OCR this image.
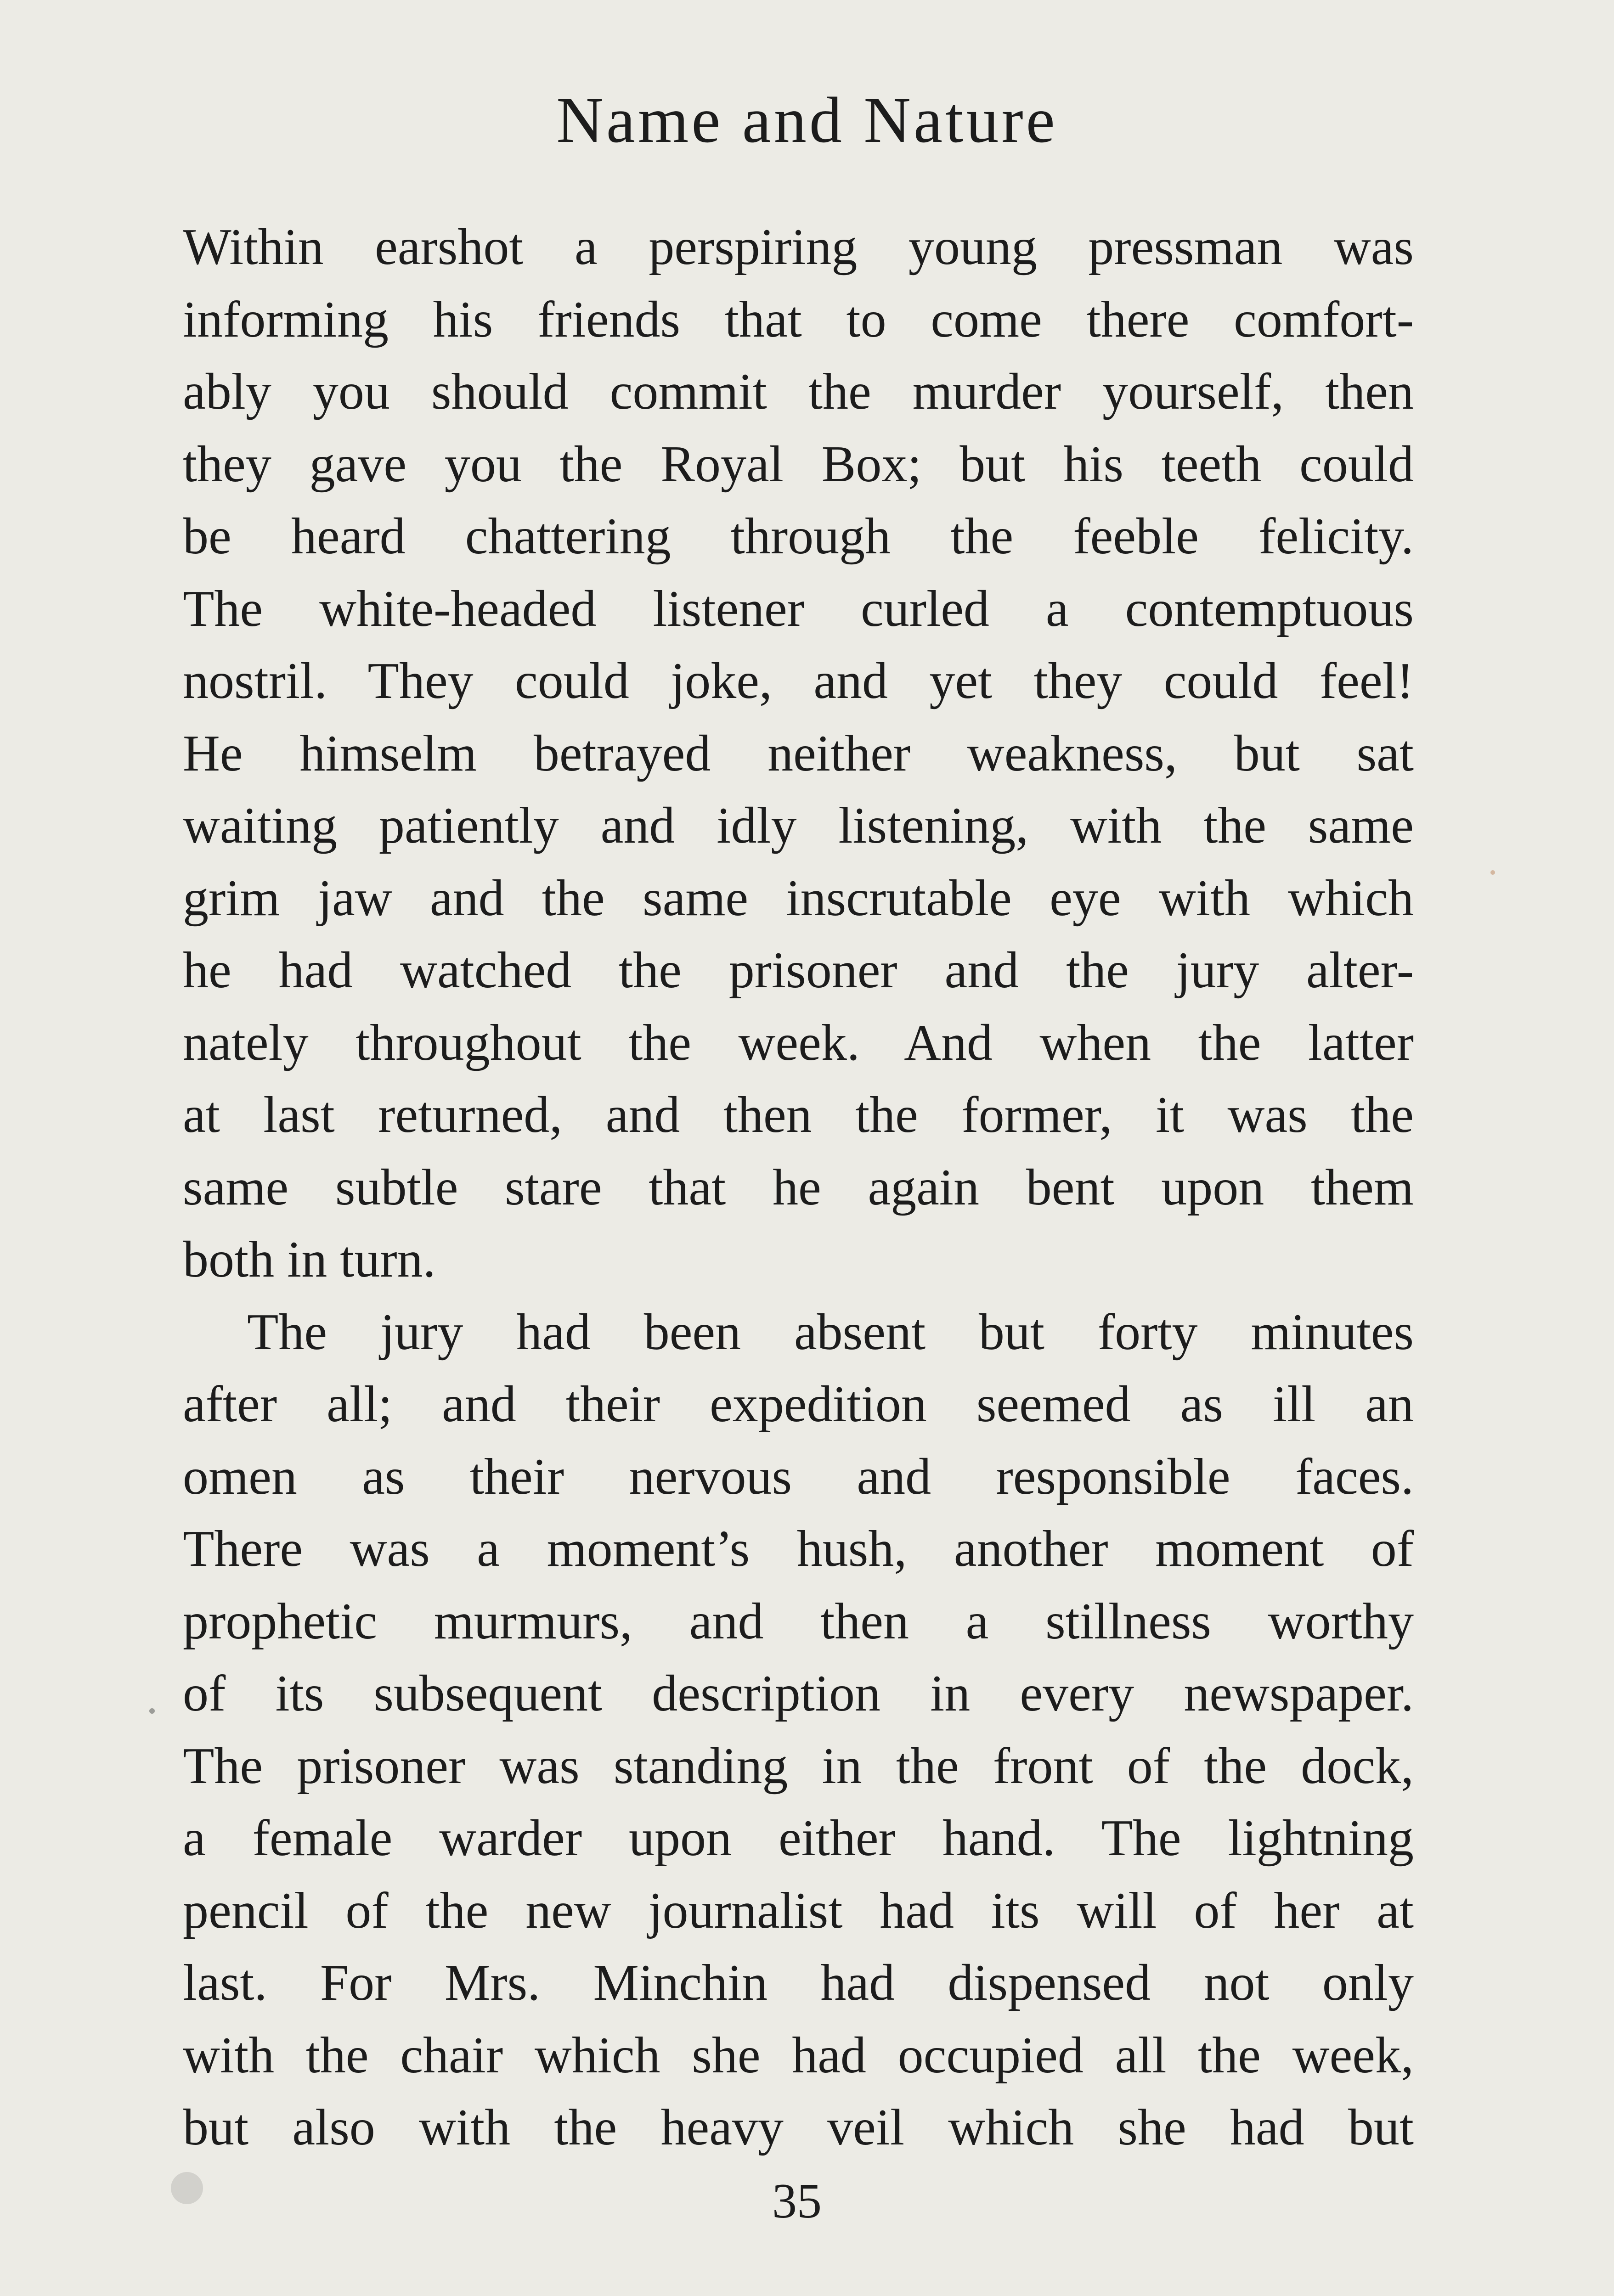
Name and Nature
Within earshot a perspiring young pressman was
informing his friends that to come there comfort-
ably you should commit the murder yourself, then
they gave you the Royal Box; but his teeth could
be heard chattering through the feeble felicity.
The white-headed listener curled a contemptuous
nostril. They could joke, and yet they could feel!
He himselm betrayed neither weakness, but sat
waiting patiently and idly listening, with the same
grim jaw and the same inscrutable eye with which
he had watched the prisoner and the jury alter-
nately throughout the week. And when the latter
at last returned, and then the former, it was the
same subtle stare that he again bent upon them
both in turn.
The jury had been absent but forty minutes
after all; and their expedition seemed as ill an
omen as their nervous and responsible faces.
There was a moment’s hush, another moment of
prophetic murmurs, and then a stillness worthy
of its subsequent description in every newspaper.
The prisoner was standing in the front of the dock,
a female warder upon either hand. The lightning
pencil of the new journalist had its will of her at
last. For Mrs. Minchin had dispensed not only
with the chair which she had occupied all the week,
but also with the heavy veil which she had but
35
